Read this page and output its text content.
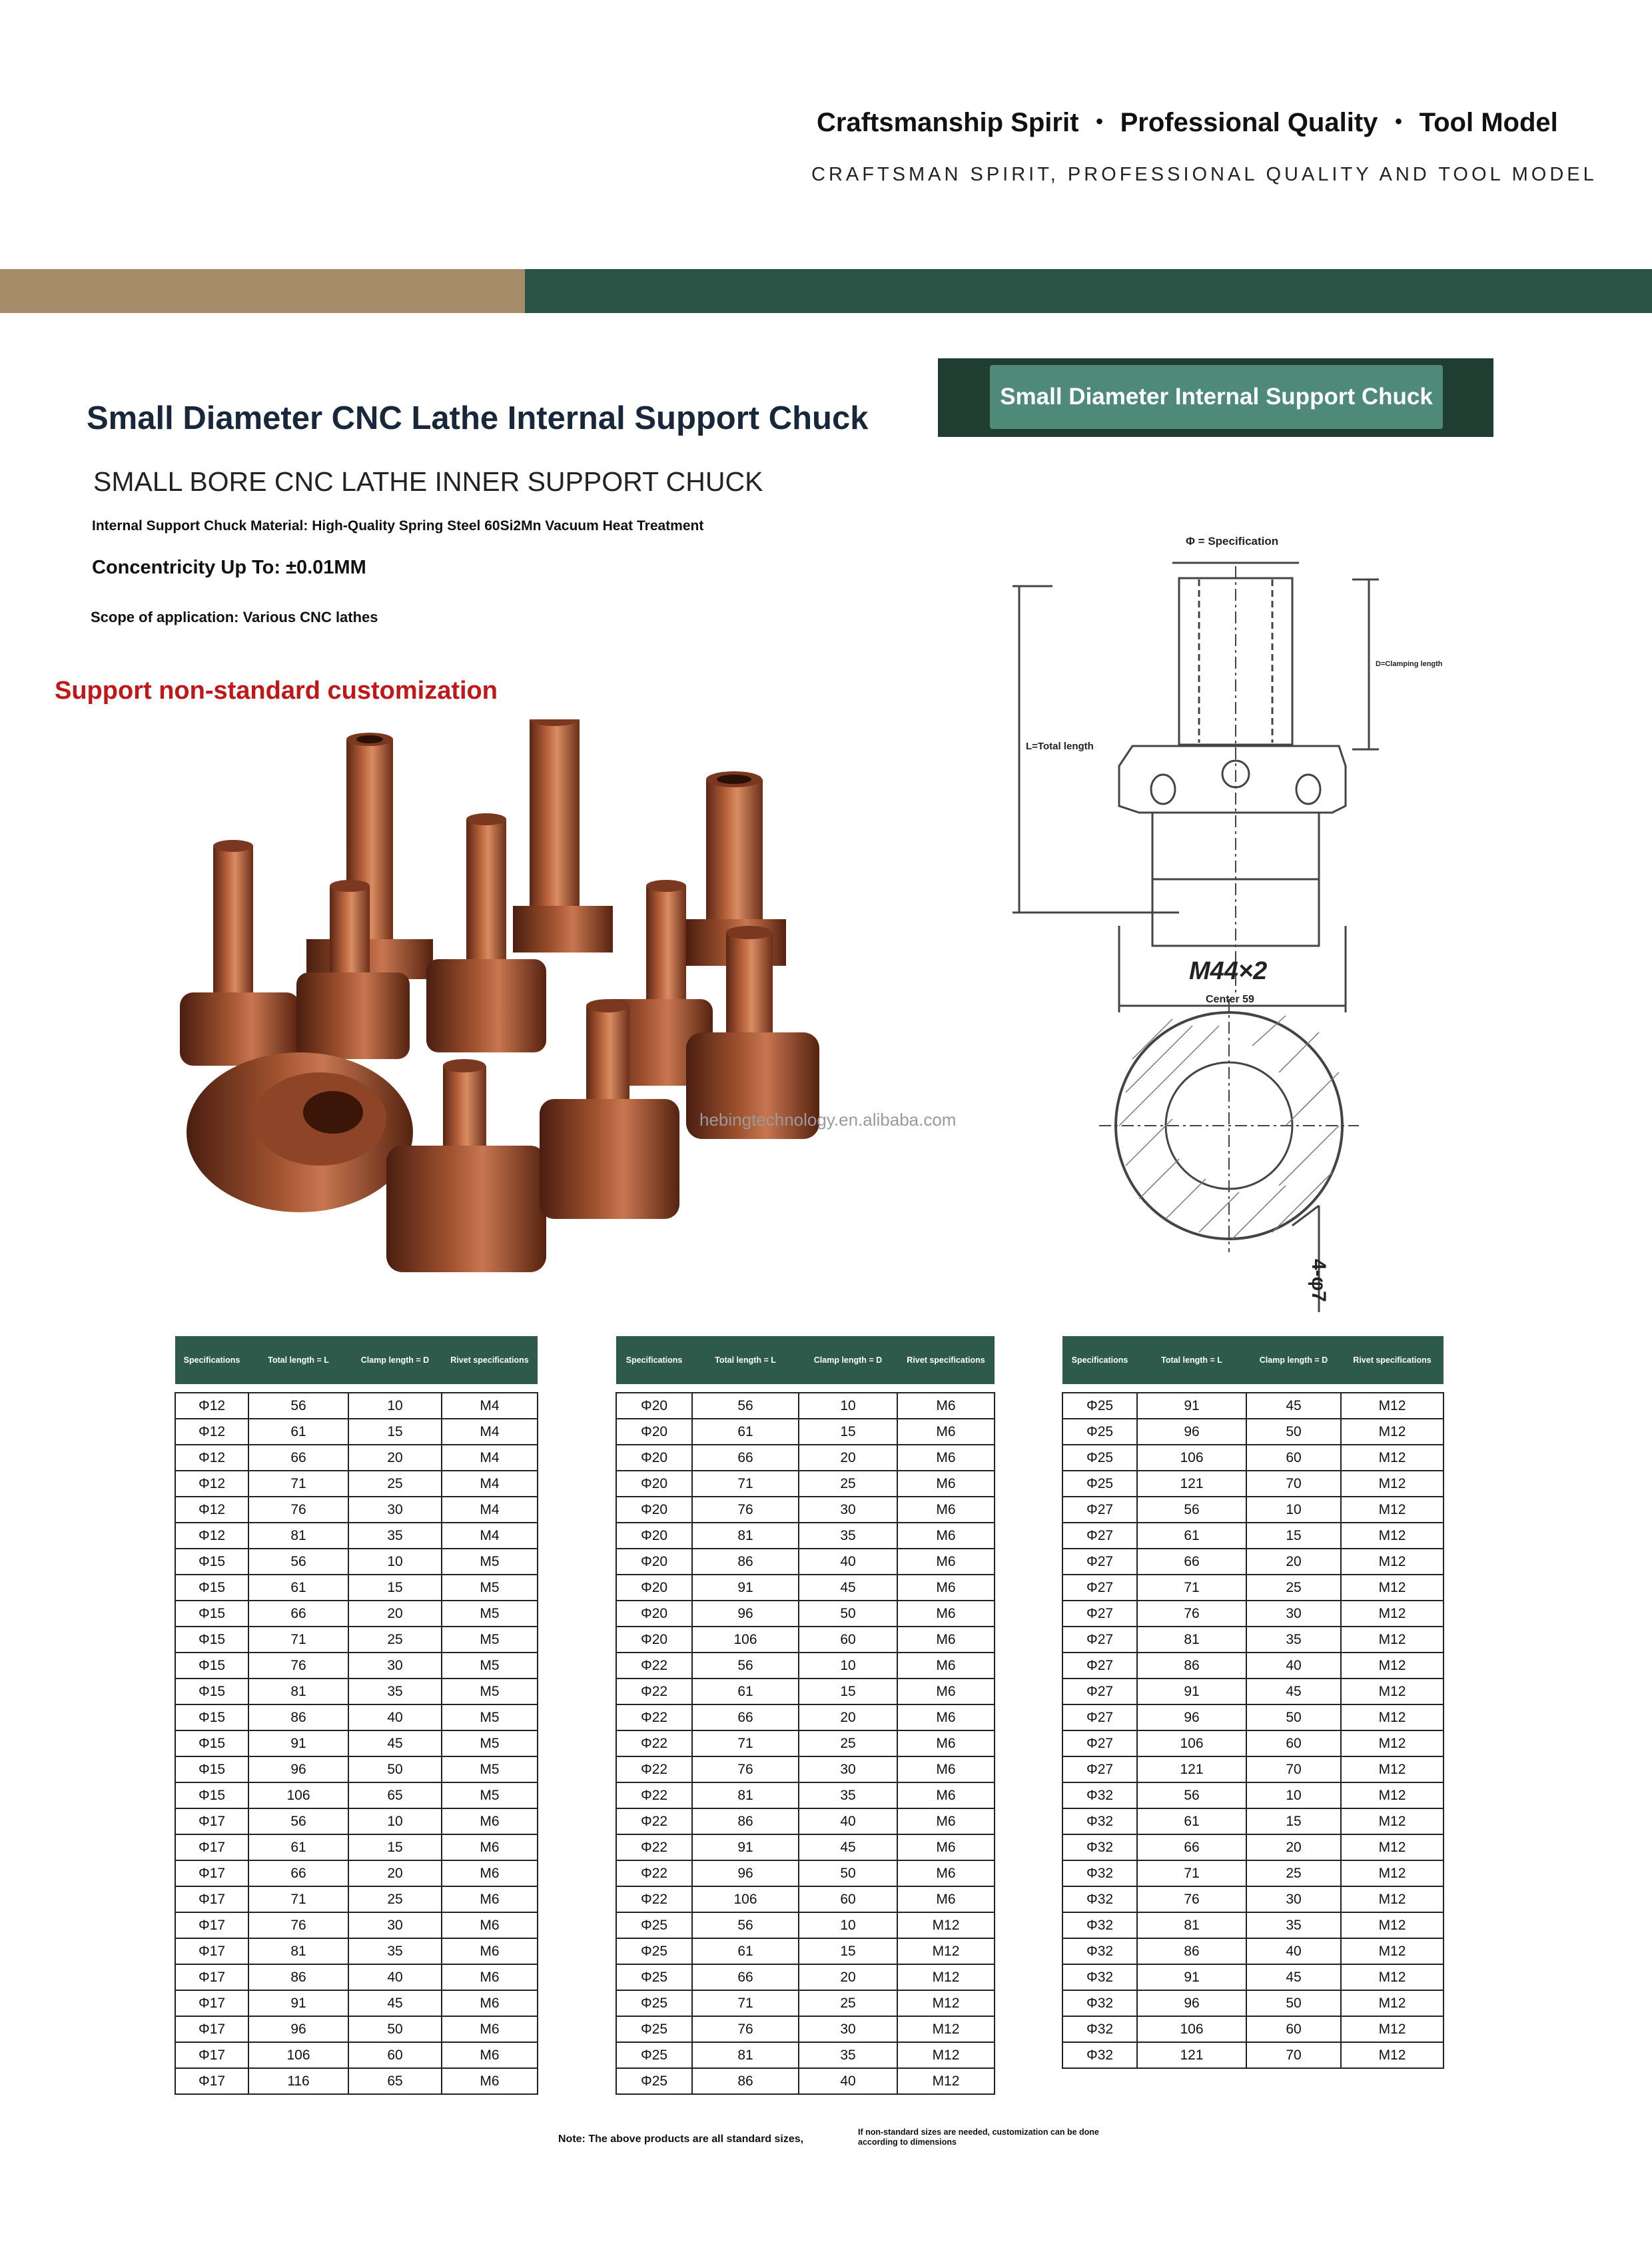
Craftsmanship Spirit ・ Professional Quality ・ Tool Model
CRAFTSMAN SPIRIT, PROFESSIONAL QUALITY AND TOOL MODEL
Small Diameter CNC Lathe Internal Support Chuck
SMALL BORE CNC LATHE INNER SUPPORT CHUCK
Internal Support Chuck Material: High-Quality Spring Steel 60Si2Mn Vacuum Heat Treatment
Concentricity Up To: ±0.01MM
Scope of application: Various CNC lathes
Support non-standard customization
Small Diameter Internal Support Chuck
hebingtechnology.en.alibaba.com
Φ = Specification
D=Clamping length
L=Total length
M44×2
Center 59
4-φ7
Specifications	Total length = L	Clamp length = D	Rivet specifications

Φ12	56	10	M4
Φ12	61	15	M4
Φ12	66	20	M4
Φ12	71	25	M4
Φ12	76	30	M4
Φ12	81	35	M4
Φ15	56	10	M5
Φ15	61	15	M5
Φ15	66	20	M5
Φ15	71	25	M5
Φ15	76	30	M5
Φ15	81	35	M5
Φ15	86	40	M5
Φ15	91	45	M5
Φ15	96	50	M5
Φ15	106	65	M5
Φ17	56	10	M6
Φ17	61	15	M6
Φ17	66	20	M6
Φ17	71	25	M6
Φ17	76	30	M6
Φ17	81	35	M6
Φ17	86	40	M6
Φ17	91	45	M6
Φ17	96	50	M6
Φ17	106	60	M6
Φ17	116	65	M6
Specifications	Total length = L	Clamp length = D	Rivet specifications

Φ20	56	10	M6
Φ20	61	15	M6
Φ20	66	20	M6
Φ20	71	25	M6
Φ20	76	30	M6
Φ20	81	35	M6
Φ20	86	40	M6
Φ20	91	45	M6
Φ20	96	50	M6
Φ20	106	60	M6
Φ22	56	10	M6
Φ22	61	15	M6
Φ22	66	20	M6
Φ22	71	25	M6
Φ22	76	30	M6
Φ22	81	35	M6
Φ22	86	40	M6
Φ22	91	45	M6
Φ22	96	50	M6
Φ22	106	60	M6
Φ25	56	10	M12
Φ25	61	15	M12
Φ25	66	20	M12
Φ25	71	25	M12
Φ25	76	30	M12
Φ25	81	35	M12
Φ25	86	40	M12
Specifications	Total length = L	Clamp length = D	Rivet specifications

Φ25	91	45	M12
Φ25	96	50	M12
Φ25	106	60	M12
Φ25	121	70	M12
Φ27	56	10	M12
Φ27	61	15	M12
Φ27	66	20	M12
Φ27	71	25	M12
Φ27	76	30	M12
Φ27	81	35	M12
Φ27	86	40	M12
Φ27	91	45	M12
Φ27	96	50	M12
Φ27	106	60	M12
Φ27	121	70	M12
Φ32	56	10	M12
Φ32	61	15	M12
Φ32	66	20	M12
Φ32	71	25	M12
Φ32	76	30	M12
Φ32	81	35	M12
Φ32	86	40	M12
Φ32	91	45	M12
Φ32	96	50	M12
Φ32	106	60	M12
Φ32	121	70	M12
Note: The above products are all standard sizes,
If non-standard sizes are needed, customization can be done according to dimensions
